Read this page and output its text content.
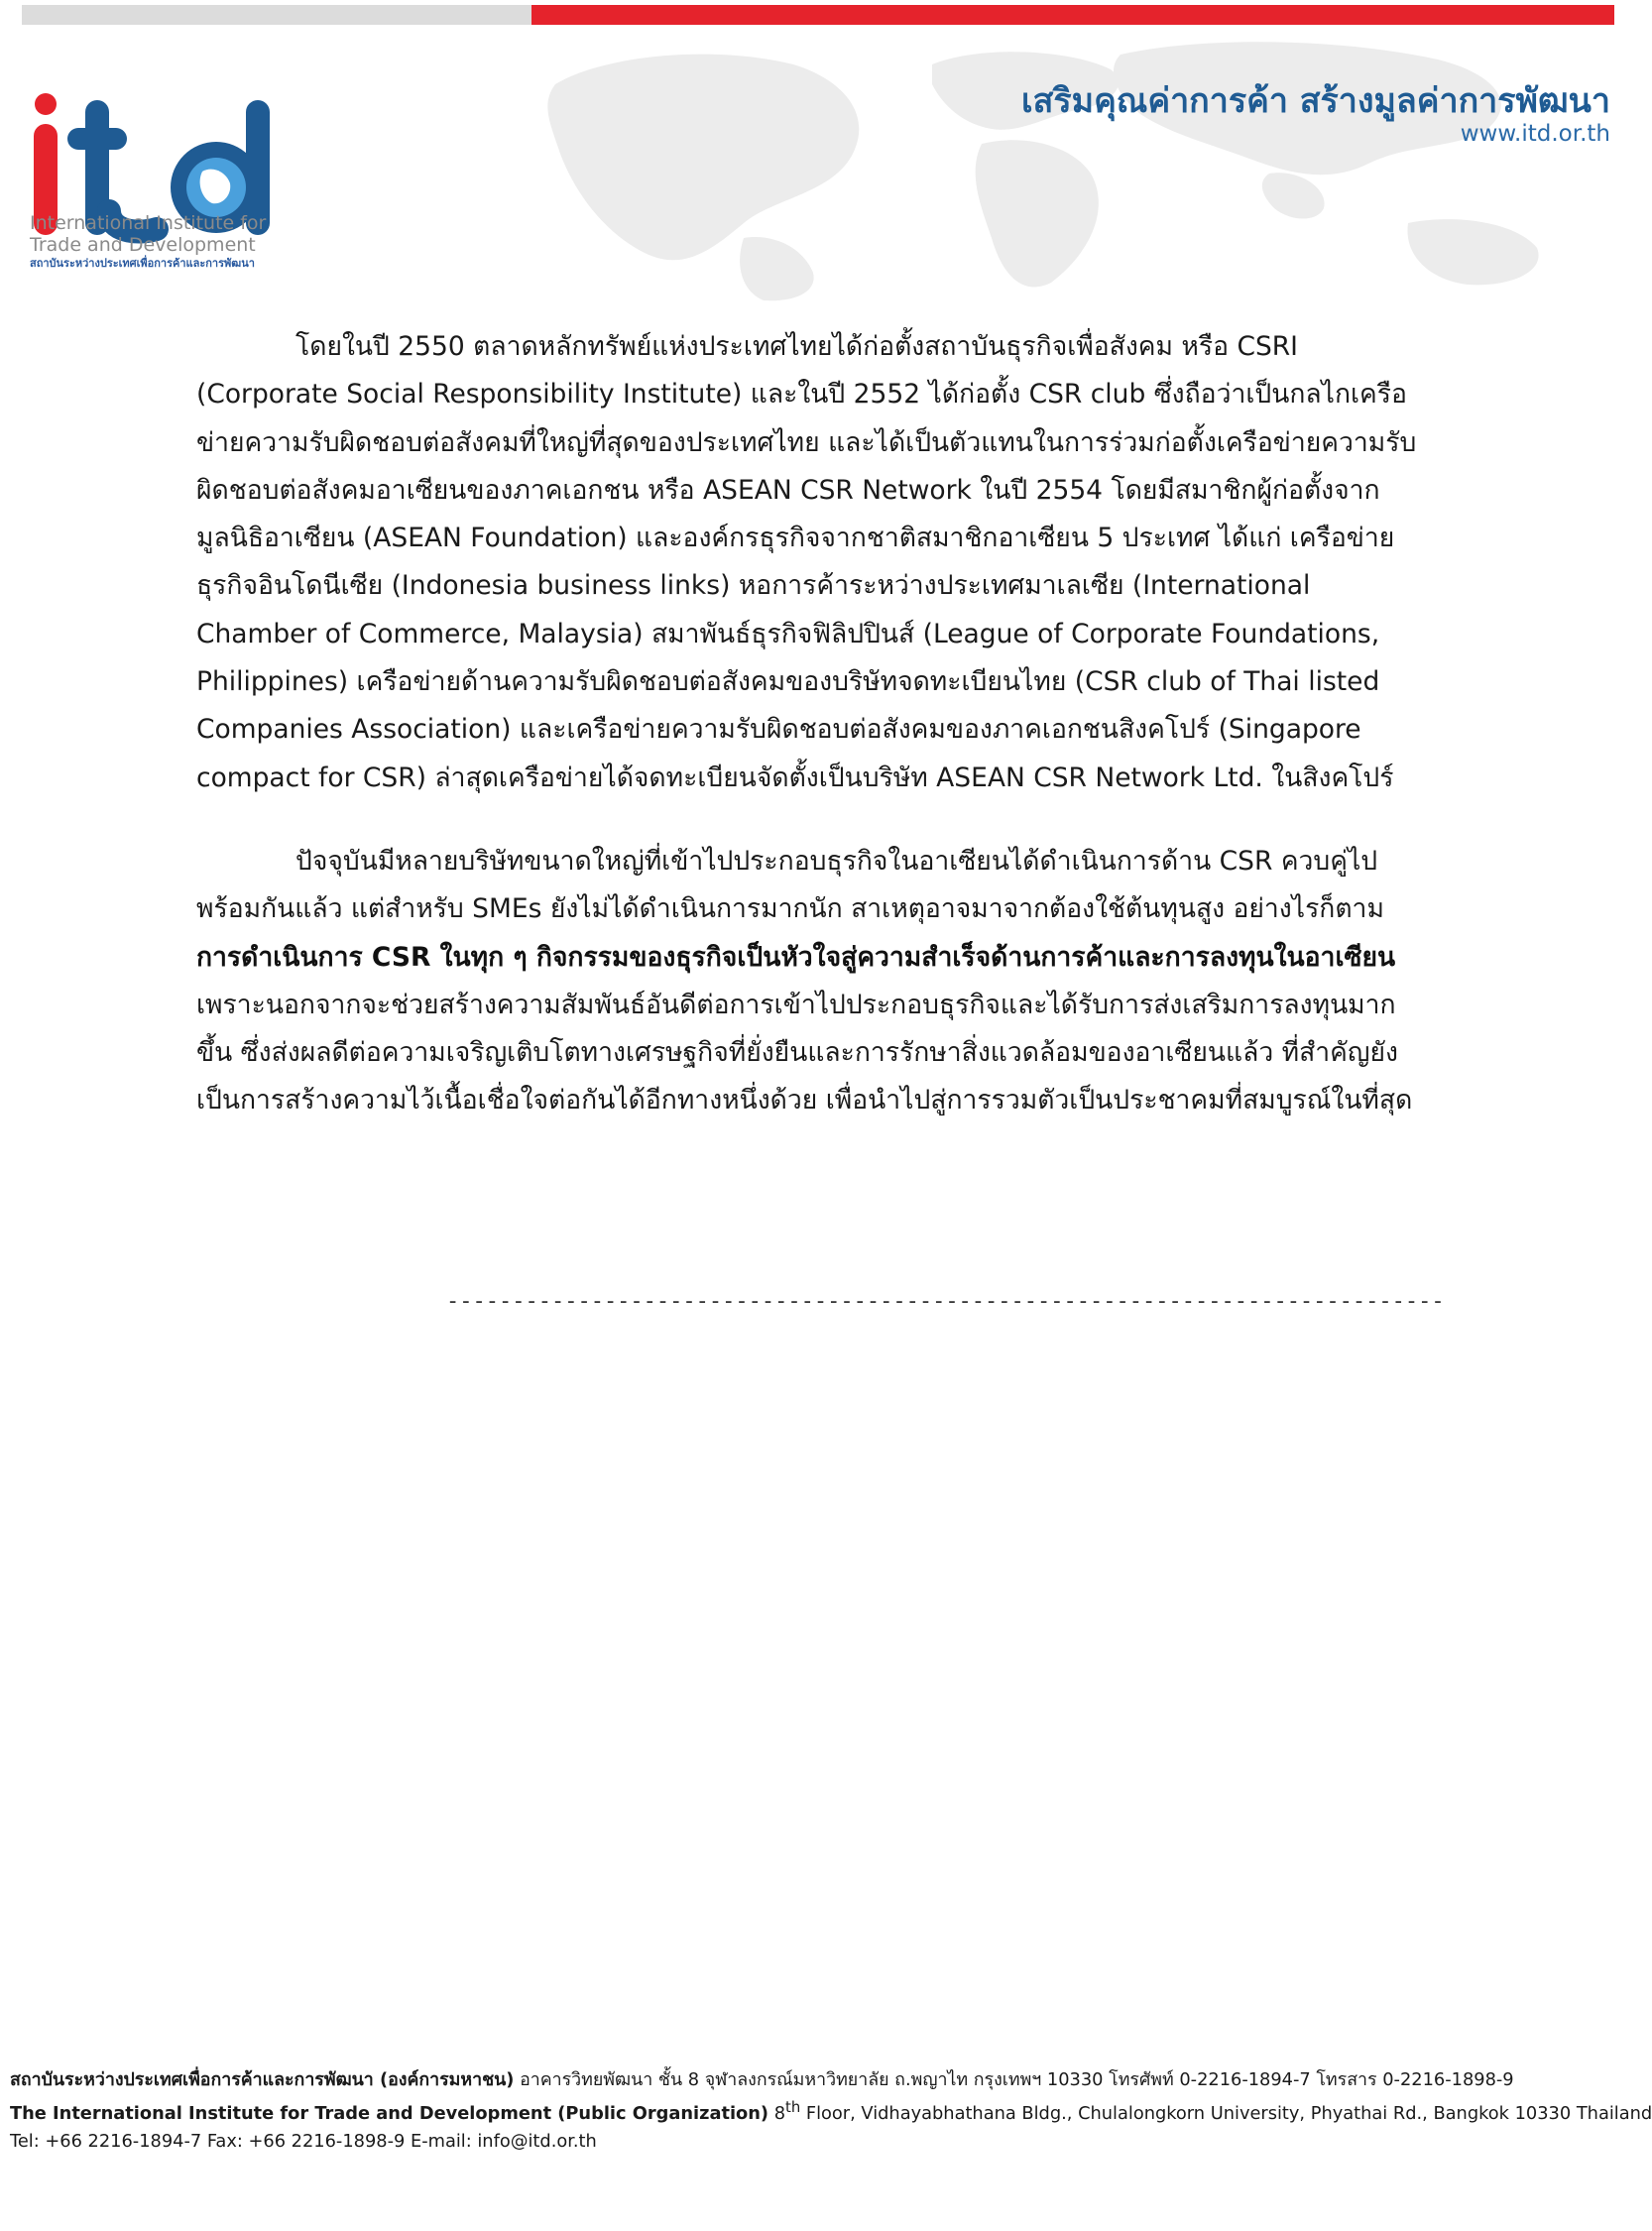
International Institute for
Trade and Development
สถาบันระหว่างประเทศเพื่อการค้าและการพัฒนา
เสริมคุณค่าการค้า สร้างมูลค่าการพัฒนา
www.itd.or.th

โดยในปี 2550 ตลาดหลักทรัพย์แห่งประเทศไทยได้ก่อตั้งสถาบันธุรกิจเพื่อสังคม หรือ CSRI (Corporate Social Responsibility Institute) และในปี 2552 ได้ก่อตั้ง CSR club ซึ่งถือว่าเป็นกลไกเครือข่ายความรับผิดชอบต่อสังคมที่ใหญ่ที่สุดของประเทศไทย และได้เป็นตัวแทนในการร่วมก่อตั้งเครือข่ายความรับผิดชอบต่อสังคมอาเซียนของภาคเอกชน หรือ ASEAN CSR Network ในปี 2554 โดยมีสมาชิกผู้ก่อตั้งจากมูลนิธิอาเซียน (ASEAN Foundation) และองค์กรธุรกิจจากชาติสมาชิกอาเซียน 5 ประเทศ ได้แก่ เครือข่ายธุรกิจอินโดนีเซีย (Indonesia business links) หอการค้าระหว่างประเทศมาเลเซีย (International Chamber of Commerce, Malaysia) สมาพันธ์ธุรกิจฟิลิปปินส์ (League of Corporate Foundations, Philippines) เครือข่ายด้านความรับผิดชอบต่อสังคมของบริษัทจดทะเบียนไทย (CSR club of Thai listed Companies Association) และเครือข่ายความรับผิดชอบต่อสังคมของภาคเอกชนสิงคโปร์ (Singapore compact for CSR) ล่าสุดเครือข่ายได้จดทะเบียนจัดตั้งเป็นบริษัท ASEAN CSR Network Ltd. ในสิงคโปร์

ปัจจุบันมีหลายบริษัทขนาดใหญ่ที่เข้าไปประกอบธุรกิจในอาเซียนได้ดำเนินการด้าน CSR ควบคู่ไปพร้อมกันแล้ว แต่สำหรับ SMEs ยังไม่ได้ดำเนินการมากนัก สาเหตุอาจมาจากต้องใช้ต้นทุนสูง อย่างไรก็ตาม การดำเนินการ CSR ในทุก ๆ กิจกรรมของธุรกิจเป็นหัวใจสู่ความสำเร็จด้านการค้าและการลงทุนในอาเซียน เพราะนอกจากจะช่วยสร้างความสัมพันธ์อันดีต่อการเข้าไปประกอบธุรกิจและได้รับการส่งเสริมการลงทุนมากขึ้น ซึ่งส่งผลดีต่อความเจริญเติบโตทางเศรษฐกิจที่ยั่งยืนและการรักษาสิ่งแวดล้อมของอาเซียนแล้ว ที่สำคัญยังเป็นการสร้างความไว้เนื้อเชื่อใจต่อกันได้อีกทางหนึ่งด้วย เพื่อนำไปสู่การรวมตัวเป็นประชาคมที่สมบูรณ์ในที่สุด

----------------------------------------------------------------------------
สถาบันระหว่างประเทศเพื่อการค้าและการพัฒนา (องค์การมหาชน) อาคารวิทยพัฒนา ชั้น 8 จุฬาลงกรณ์มหาวิทยาลัย ถ.พญาไท กรุงเทพฯ 10330 โทรศัพท์ 0-2216-1894-7 โทรสาร 0-2216-1898-9
The International Institute for Trade and Development (Public Organization) 8th Floor, Vidhayabhathana Bldg., Chulalongkorn University, Phyathai Rd., Bangkok 10330 Thailand
Tel: +66 2216-1894-7 Fax: +66 2216-1898-9 E-mail: info@itd.or.th
